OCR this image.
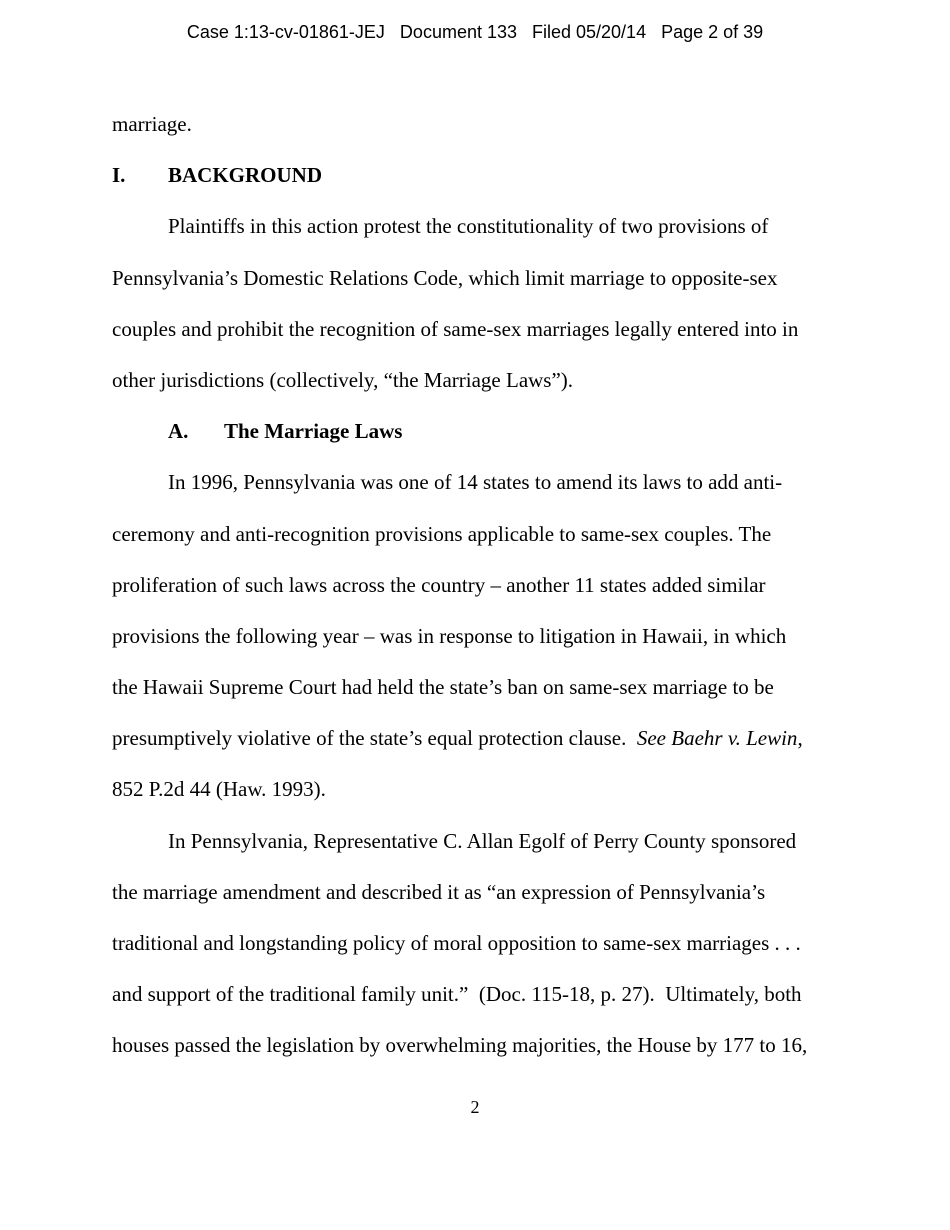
Case 1:13-cv-01861-JEJ   Document 133   Filed 05/20/14   Page 2 of 39
marriage.
I. BACKGROUND
Plaintiffs in this action protest the constitutionality of two provisions of
Pennsylvania’s Domestic Relations Code, which limit marriage to opposite-sex
couples and prohibit the recognition of same-sex marriages legally entered into in
other jurisdictions (collectively, “the Marriage Laws”).
A. The Marriage Laws
In 1996, Pennsylvania was one of 14 states to amend its laws to add anti-
ceremony and anti-recognition provisions applicable to same-sex couples. The
proliferation of such laws across the country – another 11 states added similar
provisions the following year – was in response to litigation in Hawaii, in which
the Hawaii Supreme Court had held the state’s ban on same-sex marriage to be
presumptively violative of the state’s equal protection clause.  See Baehr v. Lewin,
852 P.2d 44 (Haw. 1993).
In Pennsylvania, Representative C. Allan Egolf of Perry County sponsored
the marriage amendment and described it as “an expression of Pennsylvania’s
traditional and longstanding policy of moral opposition to same-sex marriages . . .
and support of the traditional family unit.”  (Doc. 115-18, p. 27).  Ultimately, both
houses passed the legislation by overwhelming majorities, the House by 177 to 16,
2
